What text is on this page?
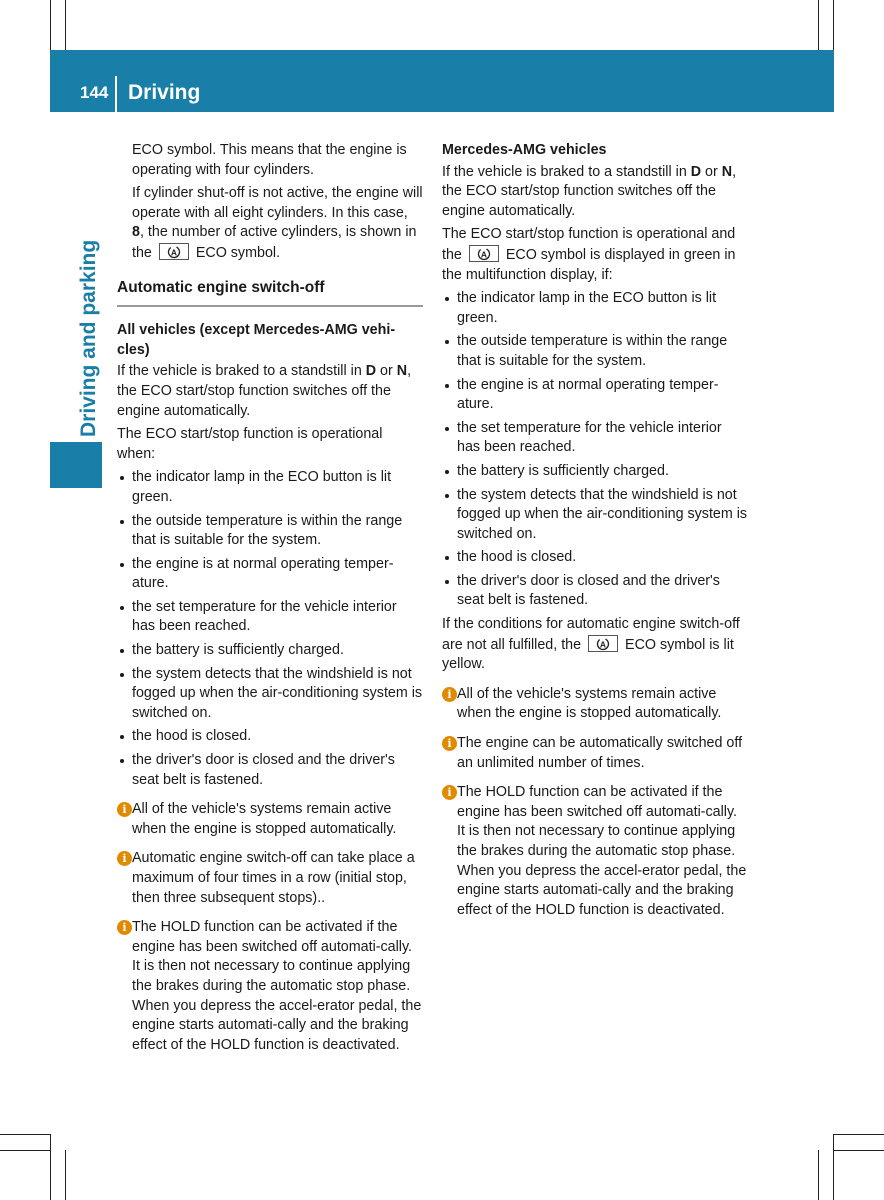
144 Driving
Driving and parking

ECO symbol. This means that the engine is operating with four cylinders.

If cylinder shut-off is not active, the engine will operate with all eight cylinders. In this case, 8, the number of active cylinders, is shown in the A ECO symbol.

Automatic engine switch-off

All vehicles (except Mercedes-AMG vehi-cles)

If the vehicle is braked to a standstill in D or N, the ECO start/stop function switches off the engine automatically.

The ECO start/stop function is operational when:

the indicator lamp in the ECO button is lit green.
the outside temperature is within the range that is suitable for the system.
the engine is at normal operating temper-ature.
the set temperature for the vehicle interior has been reached.
the battery is sufficiently charged.
the system detects that the windshield is not fogged up when the air-conditioning system is switched on.
the hood is closed.
the driver's door is closed and the driver's seat belt is fastened.
i All of the vehicle's systems remain active when the engine is stopped automatically.
i Automatic engine switch-off can take place a maximum of four times in a row (initial stop, then three subsequent stops)..
i The HOLD function can be activated if the engine has been switched off automati-cally. It is then not necessary to continue applying the brakes during the automatic stop phase. When you depress the accel-erator pedal, the engine starts automati-cally and the braking effect of the HOLD function is deactivated.

Mercedes-AMG vehicles

If the vehicle is braked to a standstill in D or N, the ECO start/stop function switches off the engine automatically.

The ECO start/stop function is operational and the A ECO symbol is displayed in green in the multifunction display, if:

the indicator lamp in the ECO button is lit green.
the outside temperature is within the range that is suitable for the system.
the engine is at normal operating temper-ature.
the set temperature for the vehicle interior has been reached.
the battery is sufficiently charged.
the system detects that the windshield is not fogged up when the air-conditioning system is switched on.
the hood is closed.
the driver's door is closed and the driver's seat belt is fastened.

If the conditions for automatic engine switch-off are not all fulfilled, the A ECO symbol is lit yellow.

i All of the vehicle's systems remain active when the engine is stopped automatically.
i The engine can be automatically switched off an unlimited number of times.
i The HOLD function can be activated if the engine has been switched off automati-cally. It is then not necessary to continue applying the brakes during the automatic stop phase. When you depress the accel-erator pedal, the engine starts automati-cally and the braking effect of the HOLD function is deactivated.
